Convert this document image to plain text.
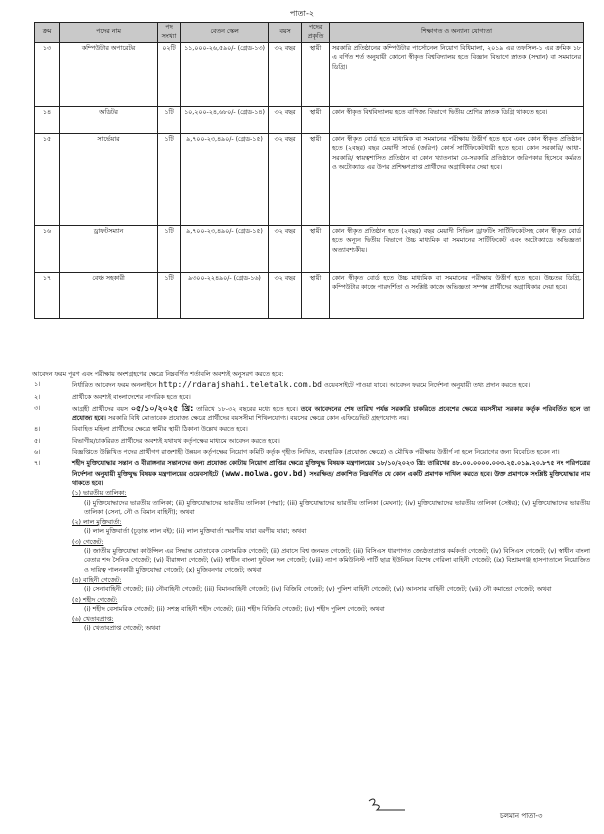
পাতা-২
ক্রম	পদের নাম	পদ সংখ্যা	বেতন স্কেল	বয়স	পদের প্রকৃতি	শিক্ষাগত ও অন্যান্য যোগ্যতা
১৩	কম্পিউটার অপারেটর	০২টি	১১,০০০-২৬,৫৯০/- (গ্রেড-১৩)	৩২ বছর	স্থায়ী	সরকারি প্রতিষ্ঠানের কম্পিউটার পার্সোনেল নিয়োগ বিধিমালা, ২০১৯ এর তফসিল-১ এর ক্রমিক ১৮ এ বর্ণিত শর্ত অনুযায়ী কোনো স্বীকৃত বিশ্ববিদ্যালয় হতে বিজ্ঞান বিভাগে স্নাতক (সম্মান) বা সমমানের ডিগ্রি।
১৪	অডিটর	১টি	১০,২০০-২৪,৬৮০/- (গ্রেড-১৪)	৩২ বছর	স্থায়ী	কোন স্বীকৃত বিশ্ববিদ্যালয় হতে বাণিজ্য বিভাগে দ্বিতীয় শ্রেণির স্নাতক ডিগ্রি থাকতে হবে।
১৫	সার্ভেয়ার	১টি	৯,৭০০-২৩,৪৯০/- (গ্রেড-১৫)	৩২ বছর	স্থায়ী	কোন স্বীকৃত বোর্ড হতে মাধ্যমিক বা সমমানের পরীক্ষায় উত্তীর্ণ হতে হবে এবং কোন স্বীকৃত প্রতিষ্ঠান হতে (২বছর) বছর মেয়াদী সার্ভে (জরিপ) কোর্স সার্টিফিকেটধারী হতে হবে। কোন সরকারি/ আধা-সরকারি/ স্বায়ত্বশাসিত প্রতিষ্ঠান বা কোন খ্যাতনামা বে-সরকারি প্রতিষ্ঠানে জরিপকার হিসেবে কর্মরত ও অটোক্যাড এর উপর প্রশিক্ষণপ্রাপ্ত প্রার্থীদের অগ্রাধিকার দেয়া হবে।
১৬	ড্রাফটসম্যান	১টি	৯,৭০০-২৩,৪৯০/- (গ্রেড-১৫)	৩২ বছর	স্থায়ী	কোন স্বীকৃত প্রতিষ্ঠান হতে (২বছর) বছর মেয়াদী সিভিল ড্রাফটিং সার্টিফিকেটসহ কোন স্বীকৃত বোর্ড হতে অন্যূন দ্বিতীয় বিভাগে উচ্চ মাধ্যমিক বা সমমানের সার্টিফিকেট এবং অটোক্যাডে অভিজ্ঞতা অত্যাবশ্যকীয়।
১৭	বেঞ্চ সহকারী	১টি	৯৩০০-২২৪৯০/- (গ্রেড-১৬)	৩২ বছর	স্থায়ী	কোন স্বীকৃত বোর্ড হতে উচ্চ মাধ্যমিক বা সমমানের পরীক্ষায় উত্তীর্ণ হতে হবে। উচ্চতর ডিগ্রি, কম্পিউটার কাজে পারদর্শিতা ও সংশ্লিষ্ট কাজে অভিজ্ঞতা সম্পন্ন প্রার্থীদের অগ্রাধিকার দেয়া হবে।
আবেদন ফরম পূরণ এবং পরীক্ষায় অংশগ্রহণের ক্ষেত্রে নিম্নবর্ণিত শর্তাবলি অবশ্যই অনুসরণ করতে হবে:
১।	নির্ধারিত আবেদন ফরম অনলাইনে http://rdarajshahi.teletalk.com.bd ওয়েবসাইটে পাওয়া যাবে। আবেদন ফরমে নির্দেশনা অনুযায়ী তথ্য প্রদান করতে হবে।
২।	প্রার্থীকে অবশ্যই বাংলাদেশের নাগরিক হতে হবে।
৩।	আগ্রহী প্রার্থীদের বয়স ০৫/১০/২০২৫ খ্রি: তারিখে ১৮-৩২ বছরের মধ্যে হতে হবে। তবে আবেদনের শেষ তারিখ পর্যন্ত সরকারি চাকরিতে প্রবেশের ক্ষেত্রে বয়সসীমা সরকার কর্তৃক পরিবর্তিত হলে তা প্রযোজ্য হবে। সরকারি বিধি মোতাবেক প্রযোজ্য ক্ষেত্রে প্রার্থীদের বয়সসীমা শিথিলযোগ্য। বয়সের ক্ষেত্রে কোন এফিডেভিট গ্রহণযোগ্য নয়।
৪।	বিবাহিত মহিলা প্রার্থীদের ক্ষেত্রে স্বামীর স্থায়ী ঠিকানা উল্লেখ করতে হবে।
৫।	বিভাগীয়/চাকরিরত প্রার্থীদের অবশ্যই যথাযথ কর্তৃপক্ষের মাধ্যমে আবেদন করতে হবে।
৬।	বিজ্ঞপ্তিতে উল্লিখিত পদের প্রার্থীগণ রাজশাহী উন্নয়ন কর্তৃপক্ষের নিয়োগ কমিটি কর্তৃক গৃহীত লিখিত, ব্যবহারিক (প্রযোজ্য ক্ষেত্রে) ও মৌখিক পরীক্ষায় উত্তীর্ণ না হলে নিয়োগের জন্য বিবেচিত হবেন না।
৭।	শহীদ মুক্তিযোদ্ধার সন্তান ও বীরাঙ্গনার সন্তানদের জন্য প্রযোজ্য কোটায় নিয়োগ প্রাপ্তির ক্ষেত্রে মুক্তিযুদ্ধ বিষয়ক মন্ত্রণালয়ের ১৮/১০/২০২৩ খ্রি: তারিখের ৪৮.০০.০০০০.০০৩.২৫.০১৯.২০.৮৭৫ নং পরিপত্রের নির্দেশনা অনুযায়ী মুক্তিযুদ্ধ বিষয়ক মন্ত্রণালয়ের ওয়েবসাইটে (www.molwa.gov.bd) সংরক্ষিত/ প্রকাশিত নিম্নবর্ণিত যে কোন একটি প্রমাণক দাখিল করতে হবে। উক্ত প্রমাণকে সংশ্লিষ্ট মুক্তিযোদ্ধার নাম থাকতে হবে।
(১) ভারতীয় তালিকা:
(i) মুক্তিযোদ্ধাদের ভারতীয় তালিকা; (ii) মুক্তিযোদ্ধাদের ভারতীয় তালিকা (পদ্মা); (iii) মুক্তিযোদ্ধাদের ভারতীয় তালিকা (মেঘনা); (iv) মুক্তিযোদ্ধাদের ভারতীয় তালিকা (সেক্টর); (v) মুক্তিযোদ্ধাদের ভারতীয় তালিকা (সেনা, নৌ ও বিমান বাহিনী); অথবা
(২) লাল মুক্তিবার্তা:
(i) লাল মুক্তিবার্তা (চূড়ান্ত লাল বই); (ii) লাল মুক্তিবার্তা স্মরণীয় যারা বরণীয় যারা; অথবা
(৩) গেজেট:
(i) জাতীয় মুক্তিযোদ্ধা কাউন্সিল এর সিদ্ধান্ত মোতাবেক বেসামরিক গেজেট; (ii) প্রবাসে বিশ্ব জনমত গেজেট; (iii) বিসিএস ধারণাগত জ্যেষ্ঠতাপ্রাপ্ত কর্মকর্তা গেজেট; (iv) বিসিএস গেজেট; (v) স্বাধীন বাংলা বেতার শব্দ সৈনিক গেজেট; (vi) বীরাঙ্গনা গেজেট; (vii) স্বাধীন বাংলা ফুটবল দল গেজেট; (viii) ন্যাপ কমিউনিস্ট পার্টি ছাত্র ইউনিয়ন বিশেষ গেরিলা বাহিনী গেজেট; (ix) বিশ্রামগঞ্জ হাসপাতালে নিয়োজিত ও দায়িত্ব পালনকারী মুক্তিযোদ্ধা গেজেট; (x) মুজিবনগর গেজেট; অথবা
(৪) বাহিনী গেজেট:
(i) সেনাবাহিনী গেজেট; (ii) নৌবাহিনী গেজেট; (iii) বিমানবাহিনী গেজেট; (iv) বিজিবি গেজেট; (v) পুলিশ বাহিনী গেজেট; (vi) আনসার বাহিনী গেজেট; (vii) নৌ কমান্ডো গেজেট; অথবা
(৫) শহীদ গেজেট:
(i) শহীদ বেসামরিক গেজেট; (ii) সশস্ত্র বাহিনী শহীদ গেজেট; (iii) শহীদ বিজিবি গেজেট; (iv) শহীদ পুলিশ গেজেট; অথবা
(৬) খেতাবপ্রাপ্ত:
(i) খেতাবপ্রাপ্ত গেজেট; অথবা
চলমান পাতা-৩
